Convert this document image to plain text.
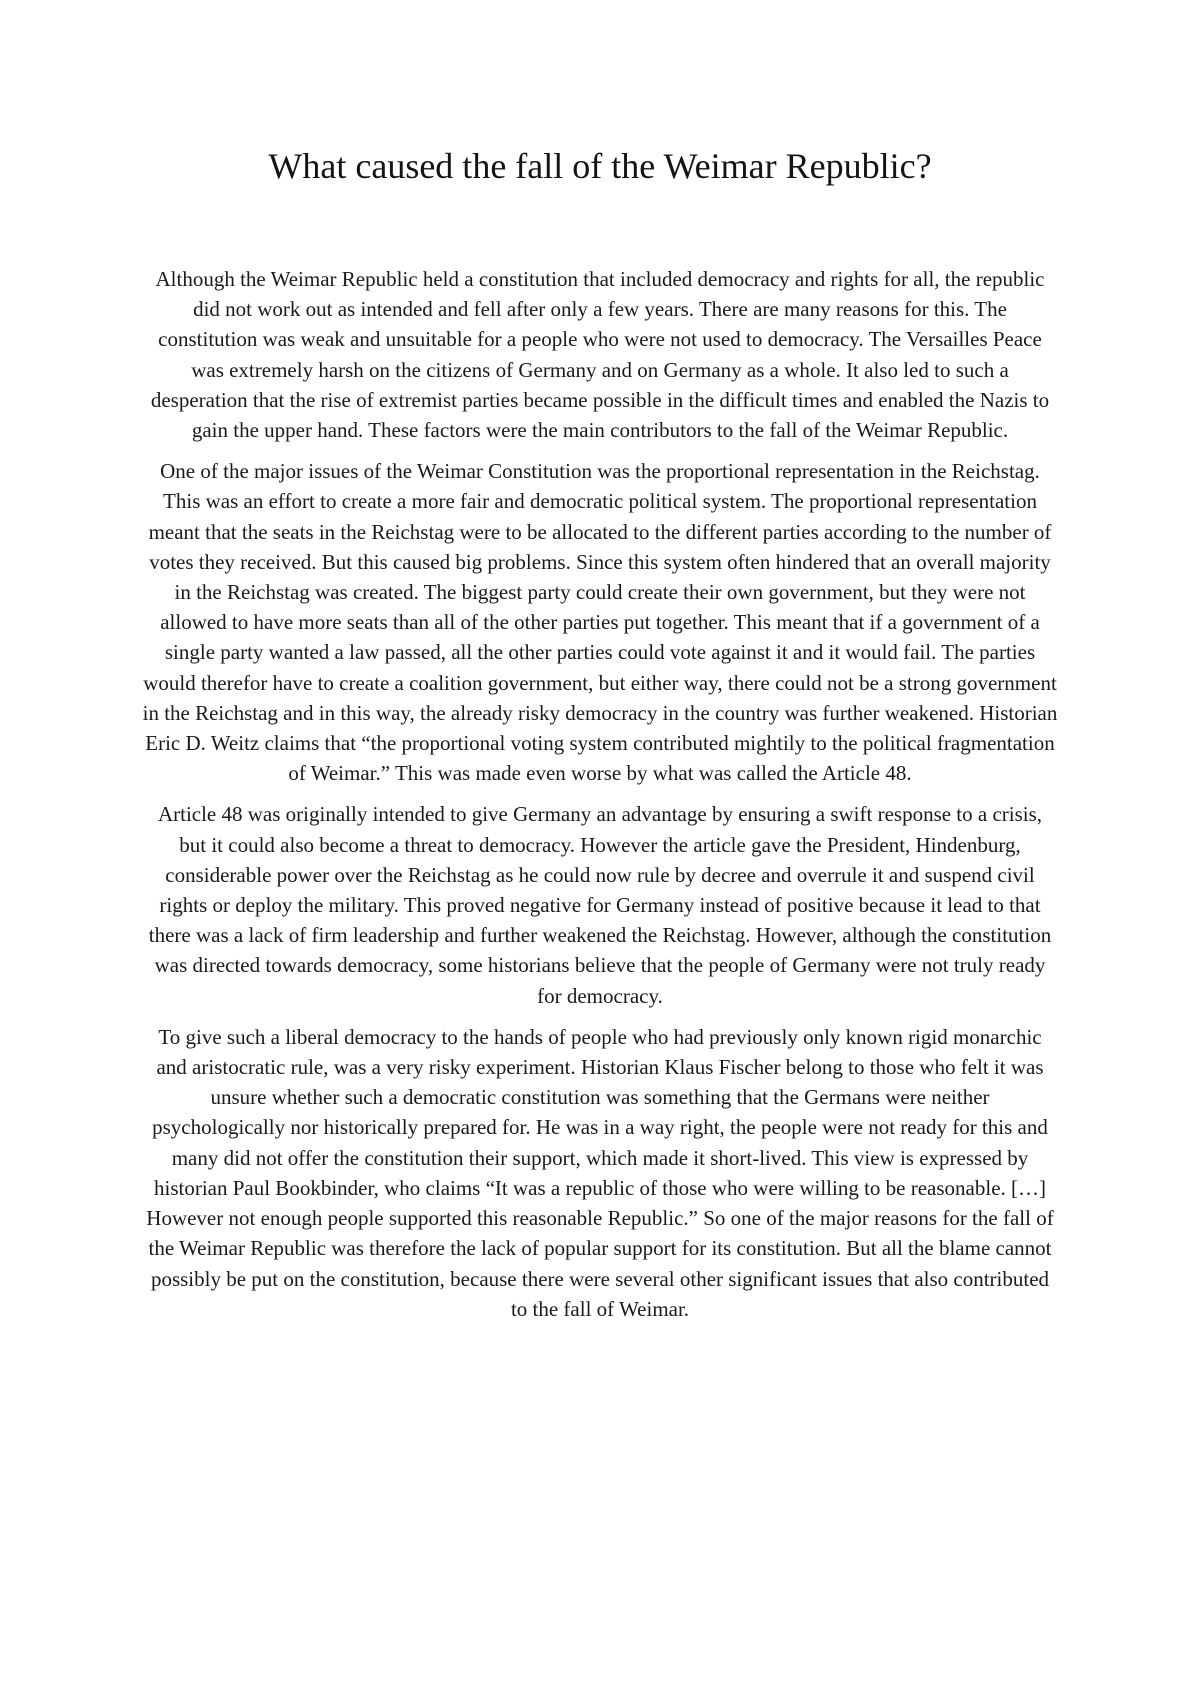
What caused the fall of the Weimar Republic?

Although the Weimar Republic held a constitution that included democracy and rights for all, the republic did not work out as intended and fell after only a few years. There are many reasons for this. The constitution was weak and unsuitable for a people who were not used to democracy. The Versailles Peace was extremely harsh on the citizens of Germany and on Germany as a whole. It also led to such a desperation that the rise of extremist parties became possible in the difficult times and enabled the Nazis to gain the upper hand. These factors were the main contributors to the fall of the Weimar Republic.

One of the major issues of the Weimar Constitution was the proportional representation in the Reichstag. This was an effort to create a more fair and democratic political system. The proportional representation meant that the seats in the Reichstag were to be allocated to the different parties according to the number of votes they received. But this caused big problems. Since this system often hindered that an overall majority in the Reichstag was created. The biggest party could create their own government, but they were not allowed to have more seats than all of the other parties put together. This meant that if a government of a single party wanted a law passed, all the other parties could vote against it and it would fail. The parties would therefor have to create a coalition government, but either way, there could not be a strong government in the Reichstag and in this way, the already risky democracy in the country was further weakened. Historian Eric D. Weitz claims that “the proportional voting system contributed mightily to the political fragmentation of Weimar.” This was made even worse by what was called the Article 48.

Article 48 was originally intended to give Germany an advantage by ensuring a swift response to a crisis, but it could also become a threat to democracy. However the article gave the President, Hindenburg, considerable power over the Reichstag as he could now rule by decree and overrule it and suspend civil rights or deploy the military. This proved negative for Germany instead of positive because it lead to that there was a lack of firm leadership and further weakened the Reichstag. However, although the constitution was directed towards democracy, some historians believe that the people of Germany were not truly ready for democracy.

To give such a liberal democracy to the hands of people who had previously only known rigid monarchic and aristocratic rule, was a very risky experiment. Historian Klaus Fischer belong to those who felt it was unsure whether such a democratic constitution was something that the Germans were neither psychologically nor historically prepared for. He was in a way right, the people were not ready for this and many did not offer the constitution their support, which made it short-lived. This view is expressed by historian Paul Bookbinder, who claims “It was a republic of those who were willing to be reasonable. […] However not enough people supported this reasonable Republic.” So one of the major reasons for the fall of the Weimar Republic was therefore the lack of popular support for its constitution. But all the blame cannot possibly be put on the constitution, because there were several other significant issues that also contributed to the fall of Weimar.
